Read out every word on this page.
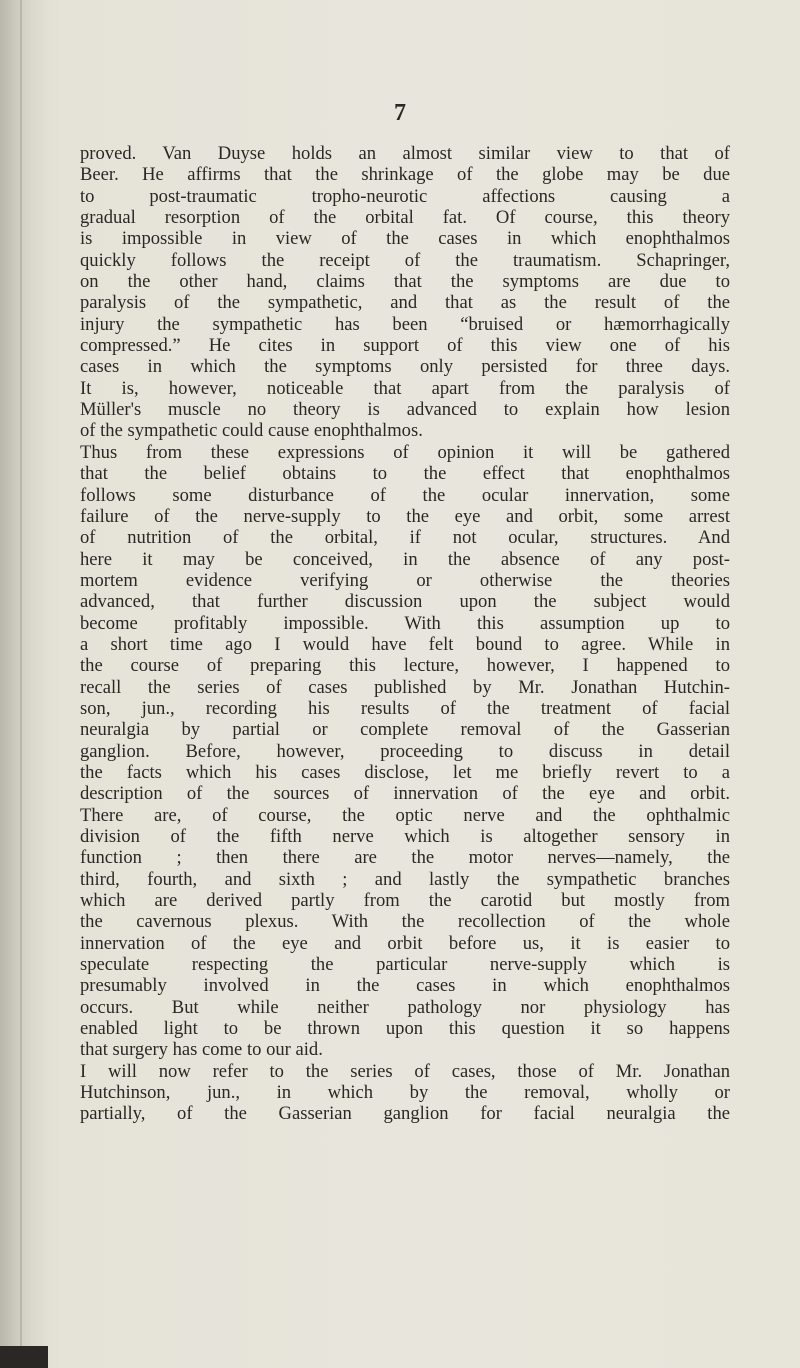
7
proved. Van Duyse holds an almost similar view to that of
Beer. He affirms that the shrinkage of the globe may be due
to post-traumatic tropho-neurotic affections causing a
gradual resorption of the orbital fat. Of course, this theory
is impossible in view of the cases in which enophthalmos
quickly follows the receipt of the traumatism. Schapringer,
on the other hand, claims that the symptoms are due to
paralysis of the sympathetic, and that as the result of the
injury the sympathetic has been “bruised or hæmorrhagically
compressed.” He cites in support of this view one of his
cases in which the symptoms only persisted for three days.
It is, however, noticeable that apart from the paralysis of
Müller's muscle no theory is advanced to explain how lesion
of the sympathetic could cause enophthalmos.
Thus from these expressions of opinion it will be gathered
that the belief obtains to the effect that enophthalmos
follows some disturbance of the ocular innervation, some
failure of the nerve-supply to the eye and orbit, some arrest
of nutrition of the orbital, if not ocular, structures. And
here it may be conceived, in the absence of any post-
mortem evidence verifying or otherwise the theories
advanced, that further discussion upon the subject would
become profitably impossible. With this assumption up to
a short time ago I would have felt bound to agree. While in
the course of preparing this lecture, however, I happened to
recall the series of cases published by Mr. Jonathan Hutchin-
son, jun., recording his results of the treatment of facial
neuralgia by partial or complete removal of the Gasserian
ganglion. Before, however, proceeding to discuss in detail
the facts which his cases disclose, let me briefly revert to a
description of the sources of innervation of the eye and orbit.
There are, of course, the optic nerve and the ophthalmic
division of the fifth nerve which is altogether sensory in
function ; then there are the motor nerves—namely, the
third, fourth, and sixth ; and lastly the sympathetic branches
which are derived partly from the carotid but mostly from
the cavernous plexus. With the recollection of the whole
innervation of the eye and orbit before us, it is easier to
speculate respecting the particular nerve-supply which is
presumably involved in the cases in which enophthalmos
occurs. But while neither pathology nor physiology has
enabled light to be thrown upon this question it so happens
that surgery has come to our aid.
I will now refer to the series of cases, those of Mr. Jonathan
Hutchinson, jun., in which by the removal, wholly or
partially, of the Gasserian ganglion for facial neuralgia the
